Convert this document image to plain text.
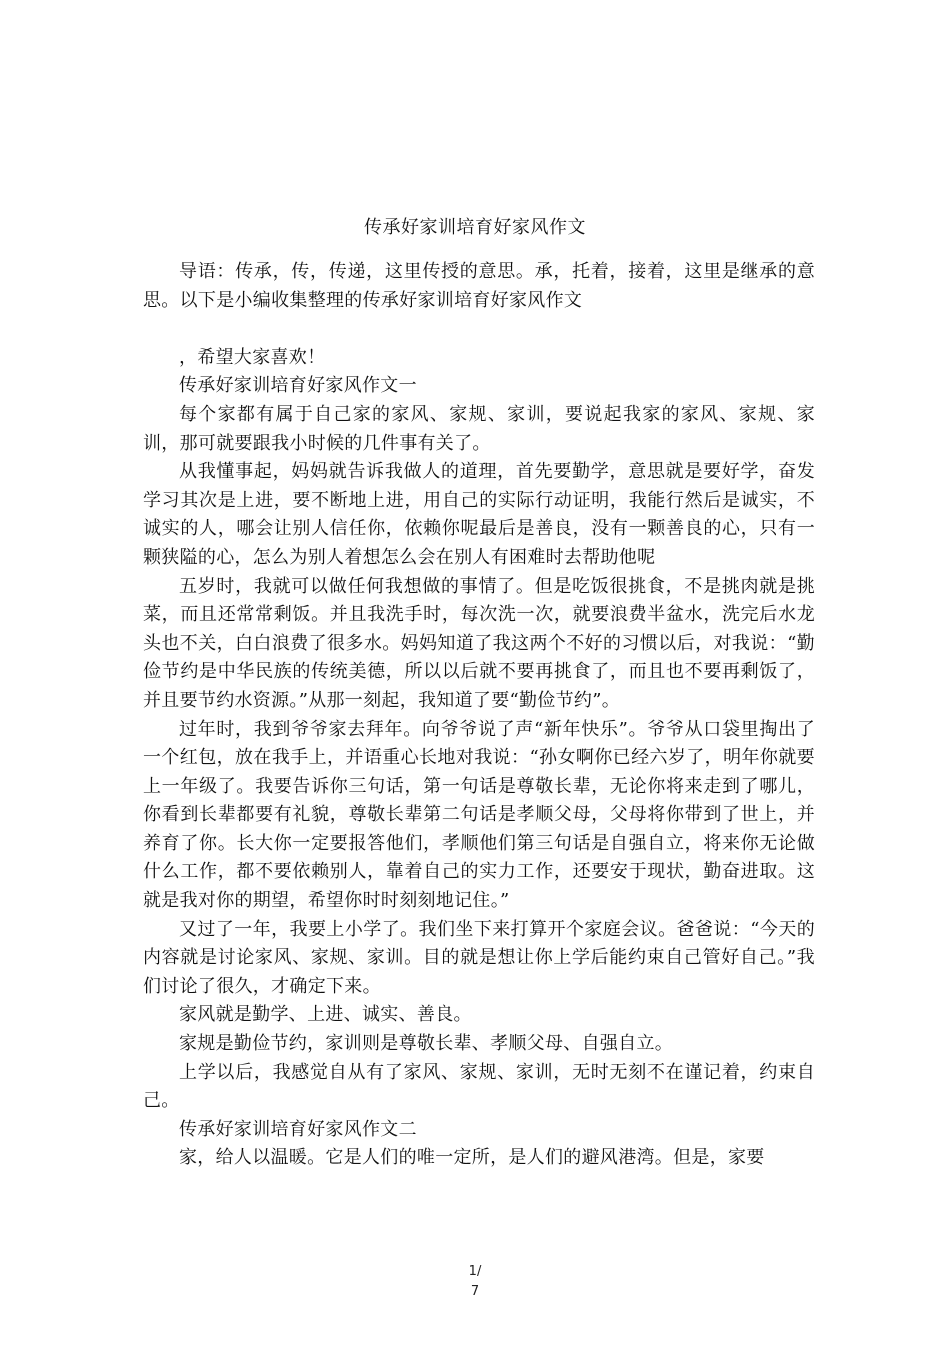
传承好家训培育好家风作文

导语：传承，传，传递，这里传授的意思。承，托着，接着，这里是继承的意思。以下是小编收集整理的传承好家训培育好家风作文

，希望大家喜欢！

传承好家训培育好家风作文一

每个家都有属于自己家的家风、家规、家训，要说起我家的家风、家规、家训，那可就要跟我小时候的几件事有关了。

从我懂事起，妈妈就告诉我做人的道理，首先要勤学，意思就是要好学，奋发学习其次是上进，要不断地上进，用自己的实际行动证明，我能行然后是诚实，不诚实的人，哪会让别人信任你，依赖你呢最后是善良，没有一颗善良的心，只有一颗狭隘的心，怎么为别人着想怎么会在别人有困难时去帮助他呢

五岁时，我就可以做任何我想做的事情了。但是吃饭很挑食，不是挑肉就是挑菜，而且还常常剩饭。并且我洗手时，每次洗一次，就要浪费半盆水，洗完后水龙头也不关，白白浪费了很多水。妈妈知道了我这两个不好的习惯以后，对我说：“勤俭节约是中华民族的传统美德，所以以后就不要再挑食了，而且也不要再剩饭了，并且要节约水资源。”从那一刻起，我知道了要“勤俭节约”。

过年时，我到爷爷家去拜年。向爷爷说了声“新年快乐”。爷爷从口袋里掏出了一个红包，放在我手上，并语重心长地对我说：“孙女啊你已经六岁了，明年你就要上一年级了。我要告诉你三句话，第一句话是尊敬长辈，无论你将来走到了哪儿，你看到长辈都要有礼貌，尊敬长辈第二句话是孝顺父母，父母将你带到了世上，并养育了你。长大你一定要报答他们，孝顺他们第三句话是自强自立，将来你无论做什么工作，都不要依赖别人，靠着自己的实力工作，还要安于现状，勤奋进取。这就是我对你的期望，希望你时时刻刻地记住。”

又过了一年，我要上小学了。我们坐下来打算开个家庭会议。爸爸说：“今天的内容就是讨论家风、家规、家训。目的就是想让你上学后能约束自己管好自己。”我们讨论了很久，才确定下来。

家风就是勤学、上进、诚实、善良。

家规是勤俭节约，家训则是尊敬长辈、孝顺父母、自强自立。

上学以后，我感觉自从有了家风、家规、家训，无时无刻不在谨记着，约束自己。

传承好家训培育好家风作文二

家，给人以温暖。它是人们的唯一定所，是人们的避风港湾。但是，家要

1/
7
